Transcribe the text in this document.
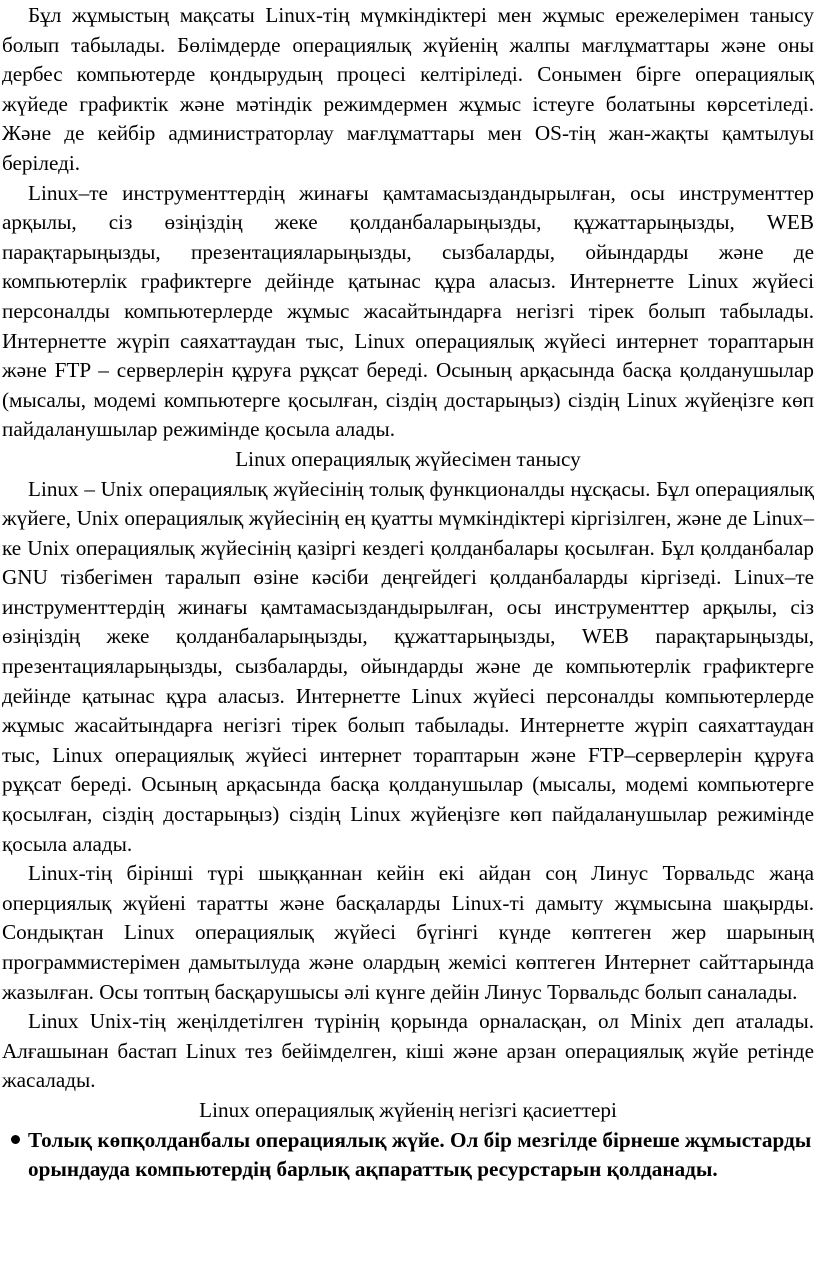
Бұл жұмыстың мақсаты Linux-тің мүмкіндіктері мен жұмыс ережелерімен танысу болып табылады. Бөлімдерде операциялық жүйенің жалпы мағлұматтары және оны дербес компьютерде қондырудың процесі келтіріледі. Сонымен бірге операциялық жүйеде графиктік және мәтіндік режимдермен жұмыс істеуге болатыны көрсетіледі. Және де кейбір администраторлау мағлұматтары мен OS-тің жан-жақты қамтылуы беріледі.

Linux–те инструменттердің жинағы қамтамасыздандырылған, осы инструменттер арқылы, сіз өзіңіздің жеке қолданбаларыңызды, құжаттарыңызды, WEB парақтарыңызды, презентацияларыңызды, сызбаларды, ойындарды және де компьютерлік графиктерге дейінде қатынас құра аласыз. Интернетте Linux жүйесі персоналды компьютерлерде жұмыс жасайтындарға негізгі тірек болып табылады. Интернетте жүріп саяхаттаудан тыс, Linux операциялық жүйесі интернет тораптарын және FTP – серверлерін құруға рұқсат береді. Осының арқасында басқа қолданушылар (мысалы, модемі компьютерге қосылған, сіздің достарыңыз) сіздің Linux жүйеңізге көп пайдаланушылар режимінде қосыла алады.

Linux операциялық жүйесімен танысу

Linux – Unix операциялық жүйесінің толық функционалды нұсқасы. Бұл операциялық жүйеге, Unix операциялық жүйесінің ең қуатты мүмкіндіктері кіргізілген, және де Linux–ке Unix операциялық жүйесінің қазіргі кездегі қолданбалары қосылған. Бұл қолданбалар GNU тізбегімен таралып өзіне кәсіби деңгейдегі қолданбаларды кіргізеді. Linux–те инструменттердің жинағы қамтамасыздандырылған, осы инструменттер арқылы, сіз өзіңіздің жеке қолданбаларыңызды, құжаттарыңызды, WEB парақтарыңызды, презентацияларыңызды, сызбаларды, ойындарды және де компьютерлік графиктерге дейінде қатынас құра аласыз. Интернетте Linux жүйесі персоналды компьютерлерде жұмыс жасайтындарға негізгі тірек болып табылады. Интернетте жүріп саяхаттаудан тыс, Linux операциялық жүйесі интернет тораптарын және FTP–серверлерін құруға рұқсат береді. Осының арқасында басқа қолданушылар (мысалы, модемі компьютерге қосылған, сіздің достарыңыз) сіздің Linux жүйеңізге көп пайдаланушылар режимінде қосыла алады.

Linux-тің бірінші түрі шыққаннан кейін екі айдан соң Линус Торвальдс жаңа оперциялық жүйені таратты және басқаларды Linux-ті дамыту жұмысына шақырды. Сондықтан Linux операциялық жүйесі бүгінгі күнде көптеген жер шарының программистерімен дамытылуда және олардың жемісі көптеген Интернет сайттарында жазылған. Осы топтың басқарушысы әлі күнге дейін Линус Торвальдс болып саналады.

Linux Unix-тің жеңілдетілген түрінің қорында орналасқан, ол Minix деп аталады. Алғашынан бастап Linux тез бейімделген, кіші және арзан операциялық жүйе ретінде жасалады.

Linux операциялық жүйенің негізгі қасиеттері

Толық көпқолданбалы операциялық жүйе. Ол бір мезгілде бірнеше жұмыстарды орындауда компьютердің барлық ақпараттық ресурстарын қолданады.
